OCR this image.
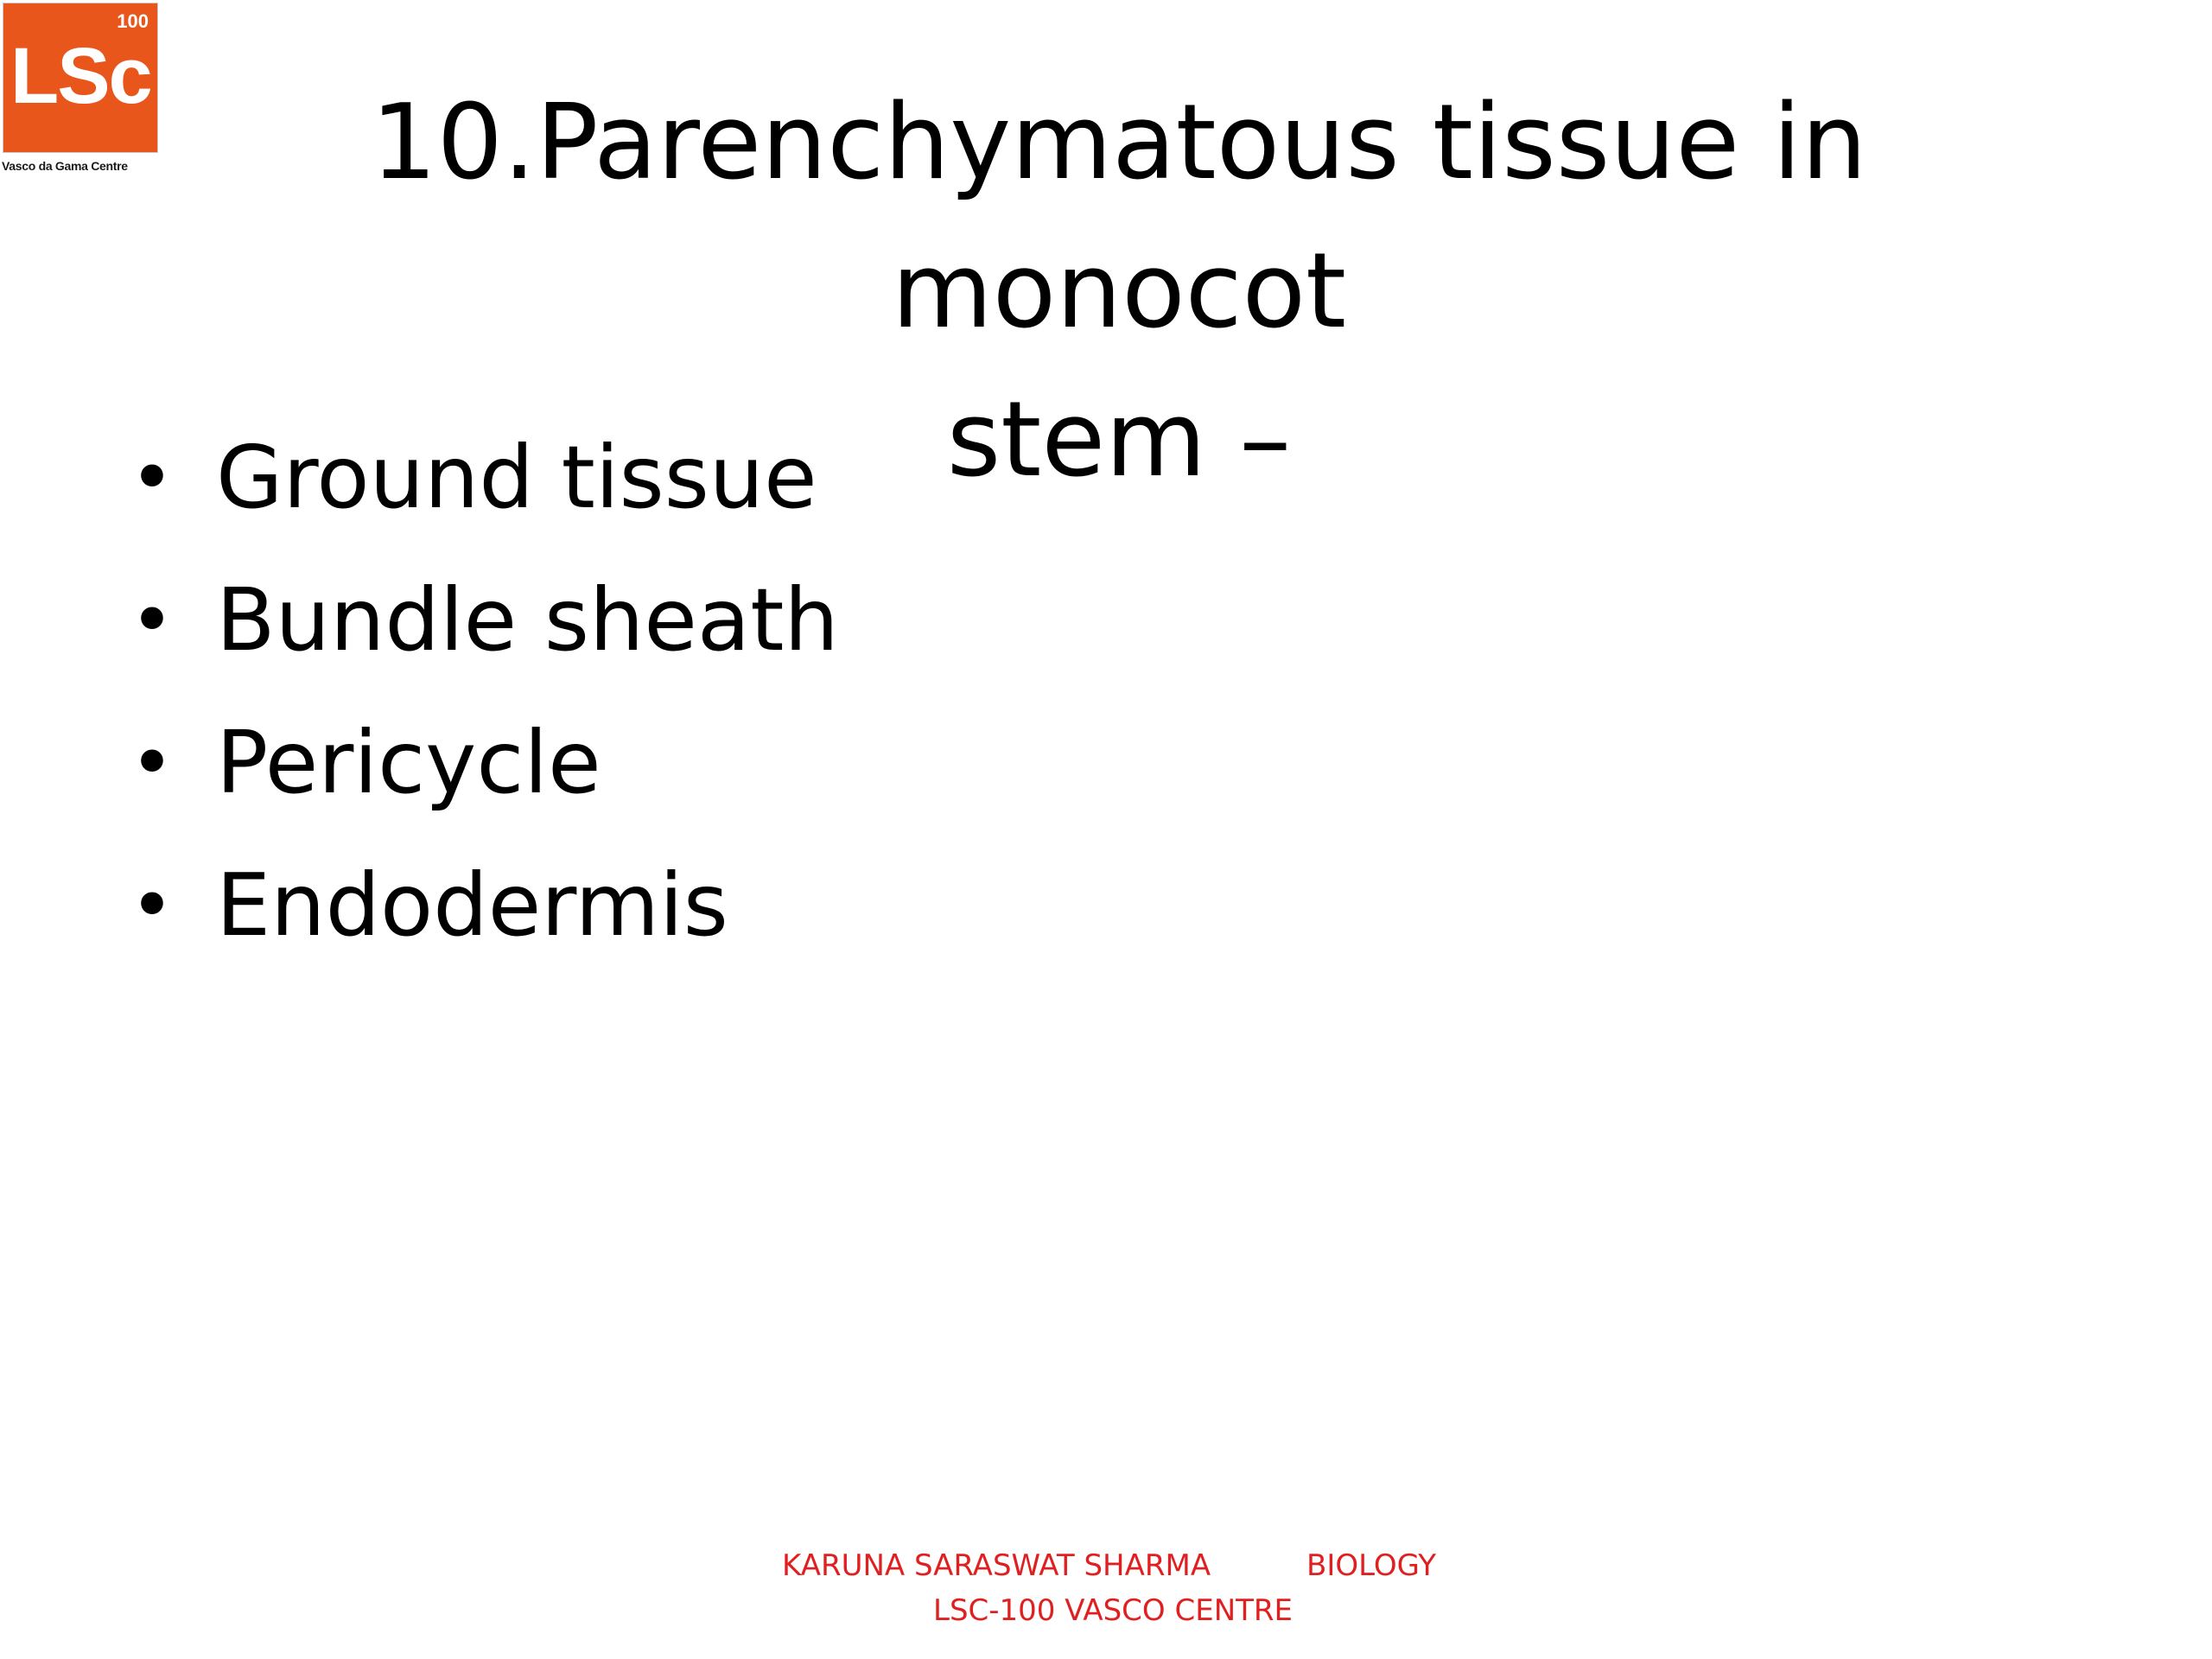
100
LSc
Vasco da Gama Centre	10.Parenchymatous tissue in monocot
stem –
• Ground tissue
• Bundle sheath
• Pericycle
• Endodermis
KARUNA SARASWAT SHARMA	BIOLOGY
LSC-100 VASCO CENTRE
